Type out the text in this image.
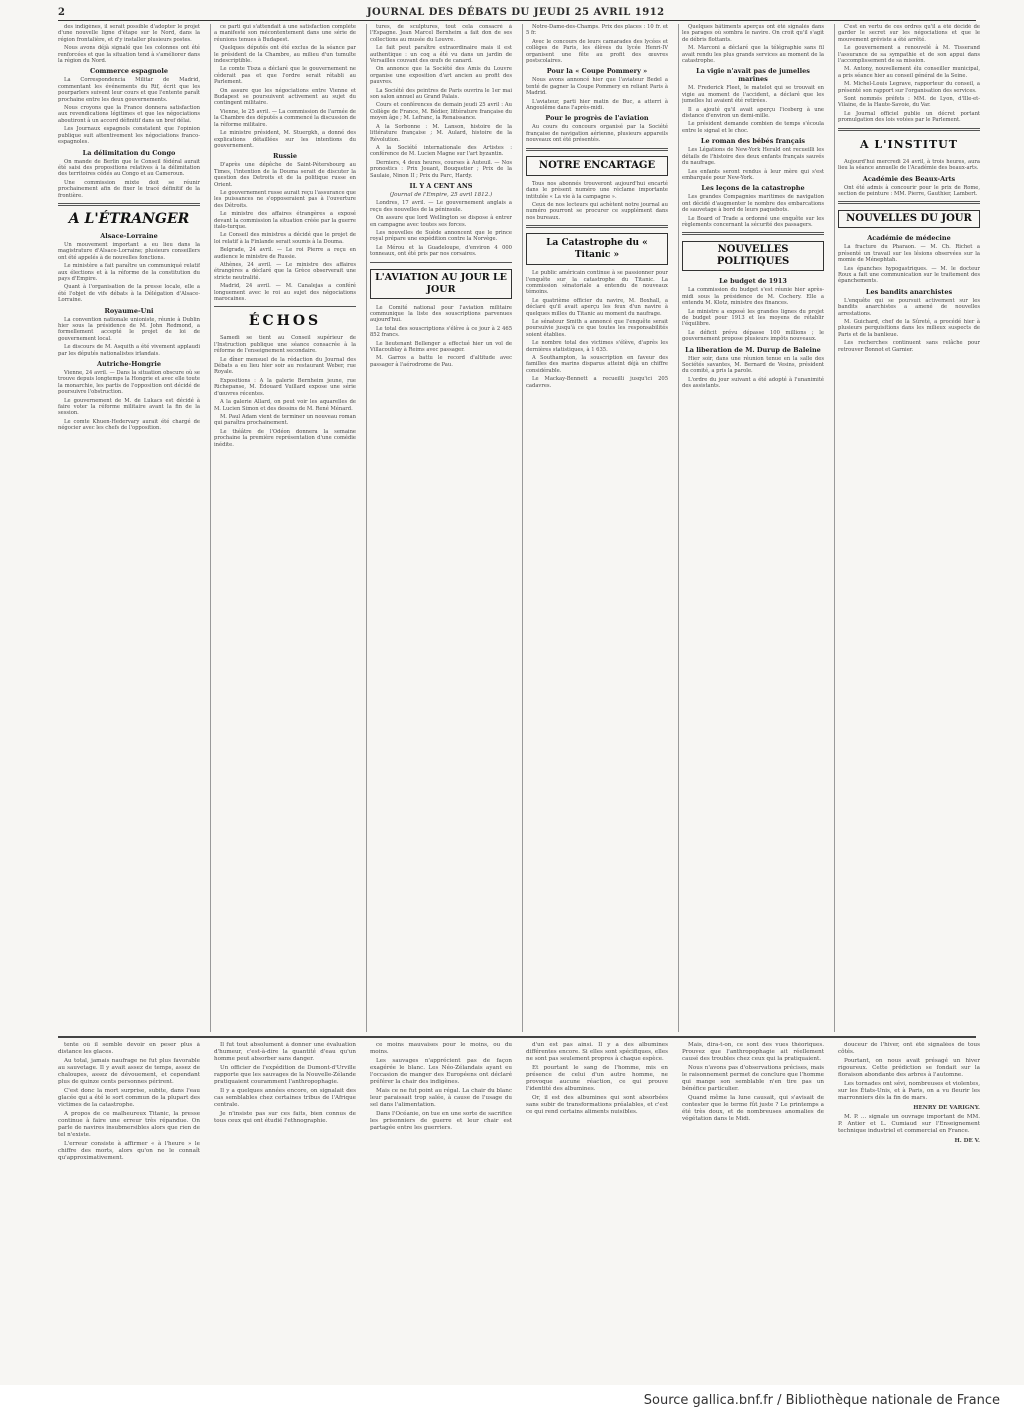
2	JOURNAL DES DÉBATS DU JEUDI 25 AVRIL 1912

des indigènes, il serait possible d'adopter le projet d'une nouvelle ligne d'étape sur le Nord, dans la région frontalière, et d'y installer plusieurs postes.

Nous avons déjà signalé que les colonnes ont été renforcées et que la situation tend à s'améliorer dans la région du Nord.

Commerce espagnole

La Correspondencia Militar de Madrid, commentant les événements du Rif, écrit que les pourparlers suivent leur cours et que l'entente paraît prochaine entre les deux gouvernements.

Nous croyons que la France donnera satisfaction aux revendications légitimes et que les négociations aboutiront à un accord définitif dans un bref délai.

Les Journaux espagnols constatent que l'opinion publique suit attentivement les négociations franco-espagnoles.

La délimitation du Congo

On mande de Berlin que le Conseil fédéral aurait été saisi des propositions relatives à la délimitation des territoires cédés au Congo et au Cameroun.

Une commission mixte doit se réunir prochainement afin de fixer le tracé définitif de la frontière.

A L'ÉTRANGER

Alsace-Lorraine

Un mouvement important a eu lieu dans la magistrature d'Alsace-Lorraine; plusieurs conseillers ont été appelés à de nouvelles fonctions.

Le ministère a fait paraître un communiqué relatif aux élections et à la réforme de la constitution du pays d'Empire.

Quant à l'organisation de la presse locale, elle a été l'objet de vifs débats à la Délégation d'Alsace-Lorraine.

Royaume-Uni

La convention nationale unioniste, réunie à Dublin hier sous la présidence de M. John Redmond, a formellement accepté le projet de loi de gouvernement local.

Le discours de M. Asquith a été vivement applaudi par les députés nationalistes irlandais.

Autriche-Hongrie

Vienne, 24 avril. — Dans la situation obscure où se trouve depuis longtemps la Hongrie et avec elle toute la monarchie, les partis de l'opposition ont décidé de poursuivre l'obstruction.

Le gouvernement de M. de Lukacs est décidé à faire voter la réforme militaire avant la fin de la session.

Le comte Khuen-Hedervary aurait été chargé de négocier avec les chefs de l'opposition.

ce parti qui s'attendait à une satisfaction complète a manifesté son mécontentement dans une série de réunions tenues à Budapest.

Quelques députés ont été exclus de la séance par le président de la Chambre, au milieu d'un tumulte indescriptible.

Le comte Tisza a déclaré que le gouvernement ne céderait pas et que l'ordre serait rétabli au Parlement.

On assure que les négociations entre Vienne et Budapest se poursuivent activement au sujet du contingent militaire.

Vienne, le 25 avril. — La commission de l'armée de la Chambre des députés a commencé la discussion de la réforme militaire.

Le ministre président, M. Stuergkh, a donné des explications détaillées sur les intentions du gouvernement.

Russie

D'après une dépêche de Saint-Pétersbourg au Times, l'intention de la Douma serait de discuter la question des Detroits et de la politique russe en Orient.

Le gouvernement russe aurait reçu l'assurance que les puissances ne s'opposeraient pas à l'ouverture des Détroits.

Le ministre des affaires étrangères a exposé devant la commission la situation créée par la guerre italo-turque.

Le Conseil des ministres a décidé que le projet de loi relatif à la Finlande serait soumis à la Douma.

Belgrade, 24 avril. — Le roi Pierre a reçu en audience le ministre de Russie.

Athènes, 24 avril. — Le ministre des affaires étrangères a déclaré que la Grèce observerait une stricte neutralité.

Madrid, 24 avril. — M. Canalejas a conféré longuement avec le roi au sujet des négociations marocaines.

ÉCHOS

Samedi se tient au Conseil supérieur de l'Instruction publique une séance consacrée à la réforme de l'enseignement secondaire.

Le dîner mensuel de la rédaction du Journal des Débats a eu lieu hier soir au restaurant Weber, rue Royale.

Expositions : A la galerie Bernheim jeune, rue Richepanse, M. Édouard Vuillard expose une série d'œuvres récentes.

A la galerie Allard, on peut voir les aquarelles de M. Lucien Simon et des dessins de M. René Ménard.

M. Paul Adam vient de terminer un nouveau roman qui paraîtra prochainement.

Le théâtre de l'Odéon donnera la semaine prochaine la première représentation d'une comédie inédite.

tures, de sculptures, tout cela consacré à l'Espagne. Jean Marcel Bernheim a fait don de ses collections au musée du Louvre.

Le fait peut paraître extraordinaire mais il est authentique : un coq a été vu dans un jardin de Versailles couvant des œufs de canard.

On annonce que la Société des Amis du Louvre organise une exposition d'art ancien au profit des pauvres.

La Société des peintres de Paris ouvrira le 1er mai son salon annuel au Grand Palais.

Cours et conférences de demain jeudi 25 avril : Au Collège de France, M. Bédier, littérature française du moyen âge ; M. Lefranc, la Renaissance.

A la Sorbonne : M. Lanson, histoire de la littérature française ; M. Aulard, histoire de la Révolution.

A la Société internationale des Artistes : conférence de M. Lucien Magne sur l'art byzantin.

Derniers, 4 deux heures, courses à Auteuil. — Nos pronostics : Prix Jouant, Bouquetier ; Prix de la Saulaie, Ninon II ; Prix du Parc, Hardy.

IL Y A CENT ANS

(Journal de l'Empire, 25 avril 1812.)

Londres, 17 avril. — Le gouvernement anglais a reçu des nouvelles de la péninsule.

On assure que lord Wellington se dispose à entrer en campagne avec toutes ses forces.

Les nouvelles de Suède annoncent que le prince royal prépare une expédition contre la Norvège.

Le Mérou et la Guadeloupe, d'environ 4 000 tonneaux, ont été pris par nos corsaires.

L'AVIATION AU JOUR LE JOUR

Le Comité national pour l'aviation militaire communique la liste des souscriptions parvenues aujourd'hui.

Le total des souscriptions s'élève à ce jour à 2 465 852 francs.

Le lieutenant Bellenger a effectué hier un vol de Villacoublay à Reims avec passager.

M. Garros a battu le record d'altitude avec passager à l'aérodrome de Pau.

Notre-Dame-des-Champs. Prix des places : 10 fr. et 5 fr.

Avec le concours de leurs camarades des lycées et collèges de Paris, les élèves du lycée Henri-IV organisent une fête au profit des œuvres postscolaires.

Pour la « Coupe Pommery »

Nous avons annoncé hier que l'aviateur Bedel a tenté de gagner la Coupe Pommery en reliant Paris à Madrid.

L'aviateur, parti hier matin de Buc, a atterri à Angoulême dans l'après-midi.

Pour le progrès de l'aviation

Au cours du concours organisé par la Société française de navigation aérienne, plusieurs appareils nouveaux ont été présentés.

NOTRE ENCARTAGE

Tous nos abonnés trouveront aujourd'hui encarté dans le présent numéro une réclame importante intitulée « La vie à la campagne ».

Ceux de nos lecteurs qui achètent notre journal au numéro pourront se procurer ce supplément dans nos bureaux.

La Catastrophe du « Titanic »

Le public américain continue à se passionner pour l'enquête sur la catastrophe du Titanic. La commission sénatoriale a entendu de nouveaux témoins.

Le quatrième officier du navire, M. Boxhall, a déclaré qu'il avait aperçu les feux d'un navire à quelques milles du Titanic au moment du naufrage.

Le sénateur Smith a annoncé que l'enquête serait poursuivie jusqu'à ce que toutes les responsabilités soient établies.

Le nombre total des victimes s'élève, d'après les dernières statistiques, à 1 635.

A Southampton, la souscription en faveur des familles des marins disparus atteint déjà un chiffre considérable.

Le Mackay-Bennett a recueilli jusqu'ici 205 cadavres.

Quelques bâtiments aperçus ont été signalés dans les parages où sombra le navire. On croit qu'il s'agit de débris flottants.

M. Marconi a déclaré que la télégraphie sans fil avait rendu les plus grands services au moment de la catastrophe.

La vigie n'avait pas de jumelles marines

M. Frederick Fleet, le matelot qui se trouvait en vigie au moment de l'accident, a déclaré que les jumelles lui avaient été retirées.

Il a ajouté qu'il avait aperçu l'iceberg à une distance d'environ un demi-mille.

Le président demande combien de temps s'écoula entre le signal et le choc.

Le roman des bébés français

Les Légations de New-York Herald ont recueilli les détails de l'histoire des deux enfants français sauvés du naufrage.

Les enfants seront rendus à leur mère qui s'est embarquée pour New-York.

Les leçons de la catastrophe

Les grandes Compagnies maritimes de navigation ont décidé d'augmenter le nombre des embarcations de sauvetage à bord de leurs paquebots.

Le Board of Trade a ordonné une enquête sur les règlements concernant la sécurité des passagers.

NOUVELLES POLITIQUES

Le budget de 1913

La commission du budget s'est réunie hier après-midi sous la présidence de M. Cochery. Elle a entendu M. Klotz, ministre des finances.

Le ministre a exposé les grandes lignes du projet de budget pour 1913 et les moyens de rétablir l'équilibre.

Le déficit prévu dépasse 100 millions ; le gouvernement propose plusieurs impôts nouveaux.

La liberation de M. Durup de Baleine

Hier soir, dans une réunion tenue en la salle des Sociétés savantes, M. Bernard de Vesins, président du comité, a pris la parole.

L'ordre du jour suivant a été adopté à l'unanimité des assistants.

C'est en vertu de ces ordres qu'il a été décidé de garder le secret sur les négociations et que le mouvement gréviste a été arrêté.

Le gouvernement a renouvelé à M. Tisserand l'assurance de sa sympathie et de son appui dans l'accomplissement de sa mission.

M. Antony, nouvellement élu conseiller municipal, a pris séance hier au conseil général de la Seine.

M. Michel-Louis Legrave, rapporteur du conseil, a présenté son rapport sur l'organisation des services.

Sont nommés préfets : MM. de Lyon, d'Ille-et-Vilaine, de la Haute-Savoie, du Var.

Le Journal officiel publie un décret portant promulgation des lois votées par le Parlement.

A L'INSTITUT

Aujourd'hui mercredi 24 avril, à trois heures, aura lieu la séance annuelle de l'Académie des beaux-arts.

Académie des Beaux-Arts

Ont été admis à concourir pour le prix de Rome, section de peinture : MM. Pierre, Gauthier, Lambert.

NOUVELLES DU JOUR

Académie de médecine

La fracture du Pharaon. — M. Ch. Richet a présenté un travail sur les lésions observées sur la momie de Ménephtah.

Les épanches hypogastriques. — M. le docteur Roux a fait une communication sur le traitement des épanchements.

Les bandits anarchistes

L'enquête qui se poursuit activement sur les bandits anarchistes a amené de nouvelles arrestations.

M. Guichard, chef de la Sûreté, a procédé hier à plusieurs perquisitions dans les milieux suspects de Paris et de la banlieue.

Les recherches continuent sans relâche pour retrouver Bonnot et Garnier.

tente où il semble devoir en peser plus à distance les glaces.

Au total, jamais naufrage ne fut plus favorable au sauvetage. Il y avait assez de temps, assez de chaloupes, assez de dévouement, et cependant plus de quinze cents personnes périrent.

C'est donc la mort surprise, subite, dans l'eau glacée qui a été le sort commun de la plupart des victimes de la catastrophe.

A propos de ce malheureux Titanic, la presse continue à faire une erreur très répandue. On parle de navires insubmersibles alors que rien de tel n'existe.

L'erreur consiste à affirmer « à l'heure » le chiffre des morts, alors qu'on ne le connaît qu'approximativement.

Il fut tout absolument à donner une évaluation d'humeur, c'est-à-dire la quantité d'eau qu'un homme peut absorber sans danger.

Un officier de l'expédition de Dumont-d'Urville rapporte que les sauvages de la Nouvelle-Zélande pratiquaient couramment l'anthropophagie.

Il y a quelques années encore, on signalait des cas semblables chez certaines tribus de l'Afrique centrale.

Je n'insiste pas sur ces faits, bien connus de tous ceux qui ont étudié l'ethnographie.

ce moins mauvaises pour le moins, ou du moins.

Les sauvages n'apprécient pas de façon exagérée le blanc. Les Néo-Zélandais ayant eu l'occasion de manger des Européens ont déclaré préférer la chair des indigènes.

Mais ce ne fut point au régal. La chair du blanc leur paraissait trop salée, à cause de l'usage du sel dans l'alimentation.

Dans l'Océanie, on tue en une sorte de sacrifice les prisonniers de guerre et leur chair est partagée entre les guerriers.

d'un est pas ainsi. Il y a des albumines différentes encore. Si elles sont spécifiques, elles ne sont pas seulement propres à chaque espèce.

Et pourtant le sang de l'homme, mis en présence de celui d'un autre homme, ne provoque aucune réaction, ce qui prouve l'identité des albumines.

Or, il est des albumines qui sont absorbées sans subir de transformations préalables, et c'est ce qui rend certains aliments nuisibles.

Mais, dira-t-on, ce sont des vues théoriques. Prouvez que l'anthropophagie ait réellement causé des troubles chez ceux qui la pratiquaient.

Nous n'avons pas d'observations précises, mais le raisonnement permet de conclure que l'homme qui mange son semblable n'en tire pas un bénéfice particulier.

Quand même la lune causait, qui s'avisait de contester que le terme fût juste ? Le printemps a été très doux, et de nombreuses anomalies de végétation dans le Midi.

douceur de l'hiver, ont été signalées de tous côtés.

Pourtant, on nous avait présagé un hiver rigoureux. Cette prédiction se fondait sur la floraison abondante des arbres à l'automne.

Les tornades ont sévi, nombreuses et violentes, sur les États-Unis, et à Paris, on a vu fleurir les marronniers dès la fin de mars.

HENRY DE VARIGNY.

M. P. ... signale un ouvrage important de MM. P. Antier et L. Cumiaud sur l'Enseignement technique industriel et commercial en France.

H. DE V.

Source gallica.bnf.fr / Bibliothèque nationale de France
